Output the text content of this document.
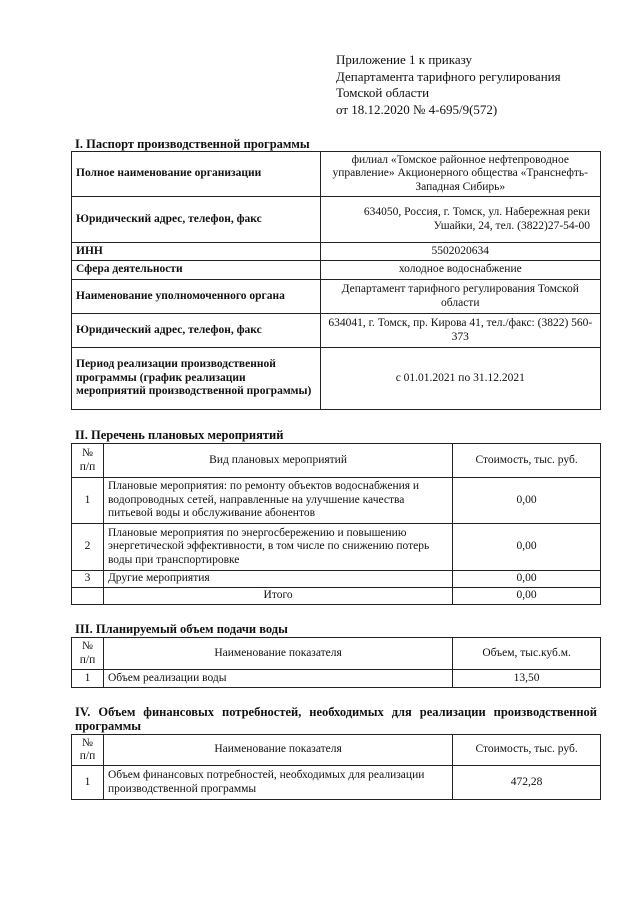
Приложение 1 к приказу
Департамента тарифного регулирования
Томской области
от 18.12.2020 № 4-695/9(572)
I. Паспорт производственной программы
Полное наименование организации	филиал «Томское районное нефтепроводное управление» Акционерного общества «Транснефть-Западная Сибирь»
Юридический адрес, телефон, факс	634050, Россия, г. Томск, ул. Набережная реки Ушайки, 24, тел. (3822)27-54-00
ИНН	5502020634
Сфера деятельности	холодное водоснабжение
Наименование уполномоченного органа	Департамент тарифного регулирования Томской области
Юридический адрес, телефон, факс	634041, г. Томск, пр. Кирова 41, тел./факс: (3822) 560-373
Период реализации производственной программы (график реализации мероприятий производственной программы)	с 01.01.2021 по 31.12.2021
II. Перечень плановых мероприятий
№ п/п	Вид плановых мероприятий	Стоимость, тыс. руб.
1	Плановые мероприятия: по ремонту объектов водоснабжения и водопроводных сетей, направленные на улучшение качества питьевой воды и обслуживание абонентов	0,00
2	Плановые мероприятия по энергосбережению и повышению энергетической эффективности, в том числе по снижению потерь воды при транспортировке	0,00
3	Другие мероприятия	0,00
	Итого	0,00
III. Планируемый объем подачи воды
№ п/п	Наименование показателя	Объем, тыс.куб.м.
1	Объем реализации воды	13,50
IV. Объем финансовых потребностей, необходимых для реализации производственной программы
№ п/п	Наименование показателя	Стоимость, тыс. руб.
1	Объем финансовых потребностей, необходимых для реализации производственной программы	472,28
